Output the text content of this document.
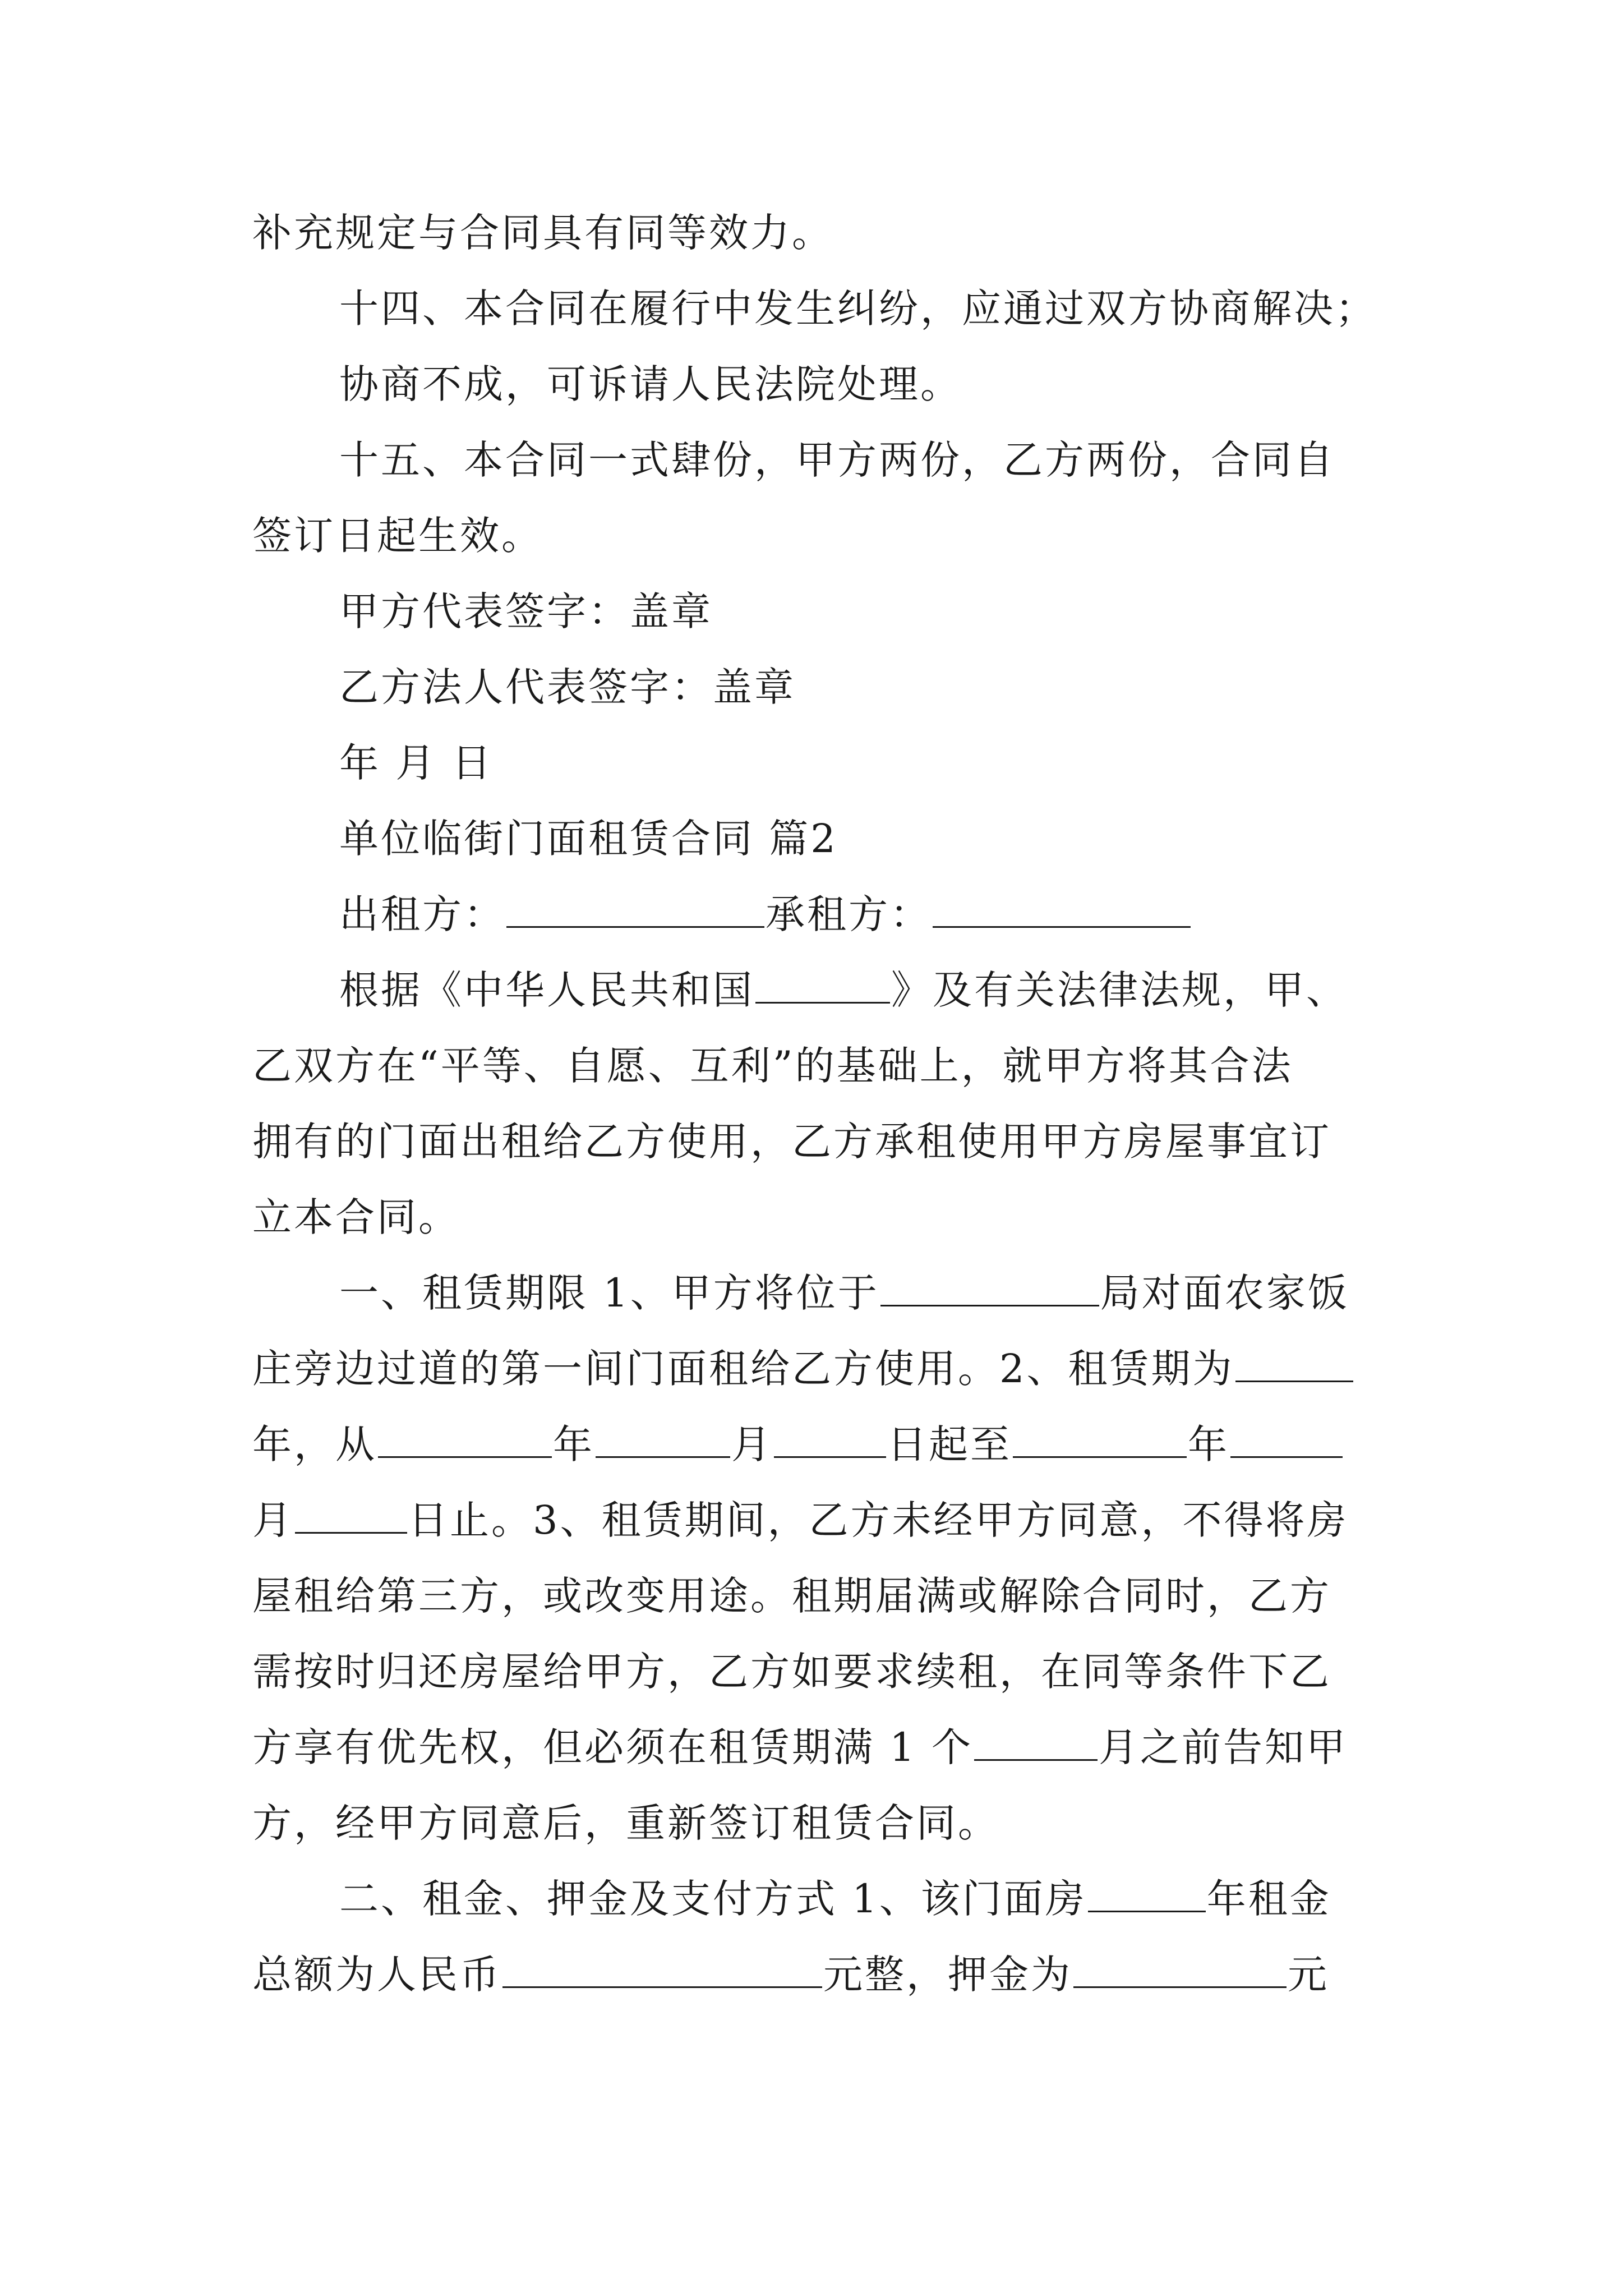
补充规定与合同具有同等效力。
十四、本合同在履行中发生纠纷，应通过双方协商解决；
协商不成，可诉请人民法院处理。
十五、本合同一式肆份，甲方两份，乙方两份，合同自
签订日起生效。
甲方代表签字：盖章
乙方法人代表签字：盖章
年 月 日
单位临街门面租赁合同 篇2
出租方：	承租方：
根据《中华人民共和国	》及有关法律法规，甲、
乙双方在“平等、自愿、互利”的基础上，就甲方将其合法
拥有的门面出租给乙方使用，乙方承租使用甲方房屋事宜订
立本合同。
一、租赁期限 1、甲方将位于	局对面农家饭
庄旁边过道的第一间门面租给乙方使用。2、租赁期为
年，从	年	月	日起至	年
月	日止。3、租赁期间，乙方未经甲方同意，不得将房
屋租给第三方，或改变用途。租期届满或解除合同时，乙方
需按时归还房屋给甲方，乙方如要求续租，在同等条件下乙
方享有优先权，但必须在租赁期满 1 个	月之前告知甲
方，经甲方同意后，重新签订租赁合同。
二、租金、押金及支付方式 1、该门面房	年租金
总额为人民币	元整，押金为	元
